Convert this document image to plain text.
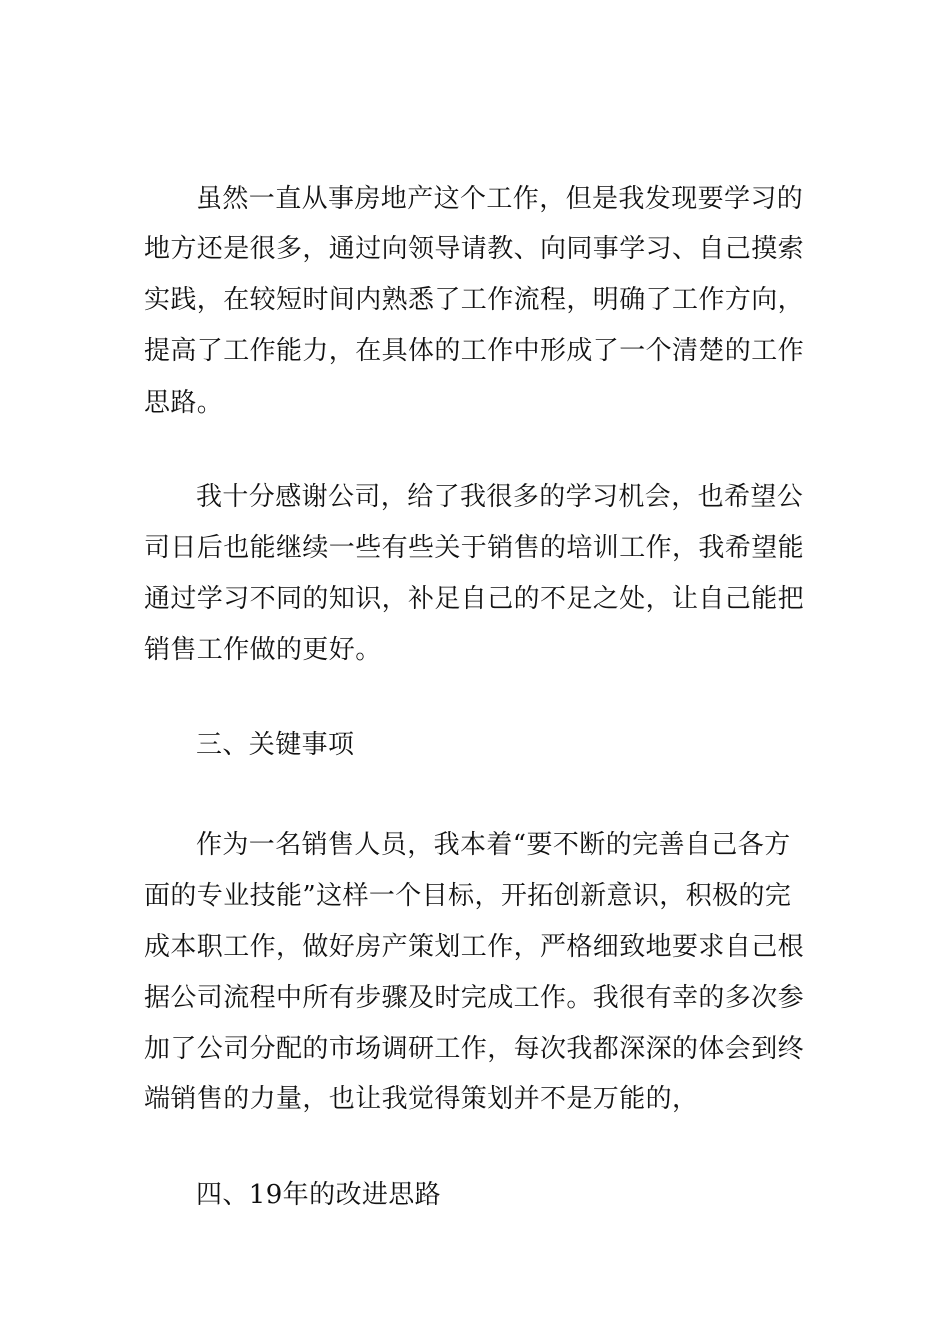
虽然一直从事房地产这个工作，但是我发现要学习的
地方还是很多，通过向领导请教、向同事学习、自己摸索
实践，在较短时间内熟悉了工作流程，明确了工作方向，
提高了工作能力，在具体的工作中形成了一个清楚的工作
思路。
我十分感谢公司，给了我很多的学习机会，也希望公
司日后也能继续一些有些关于销售的培训工作，我希望能
通过学习不同的知识，补足自己的不足之处，让自己能把
销售工作做的更好。
三、关键事项
作为一名销售人员，我本着“要不断的完善自己各方
面的专业技能”这样一个目标，开拓创新意识，积极的完
成本职工作，做好房产策划工作，严格细致地要求自己根
据公司流程中所有步骤及时完成工作。我很有幸的多次参
加了公司分配的市场调研工作，每次我都深深的体会到终
端销售的力量，也让我觉得策划并不是万能的，
四、19年的改进思路
